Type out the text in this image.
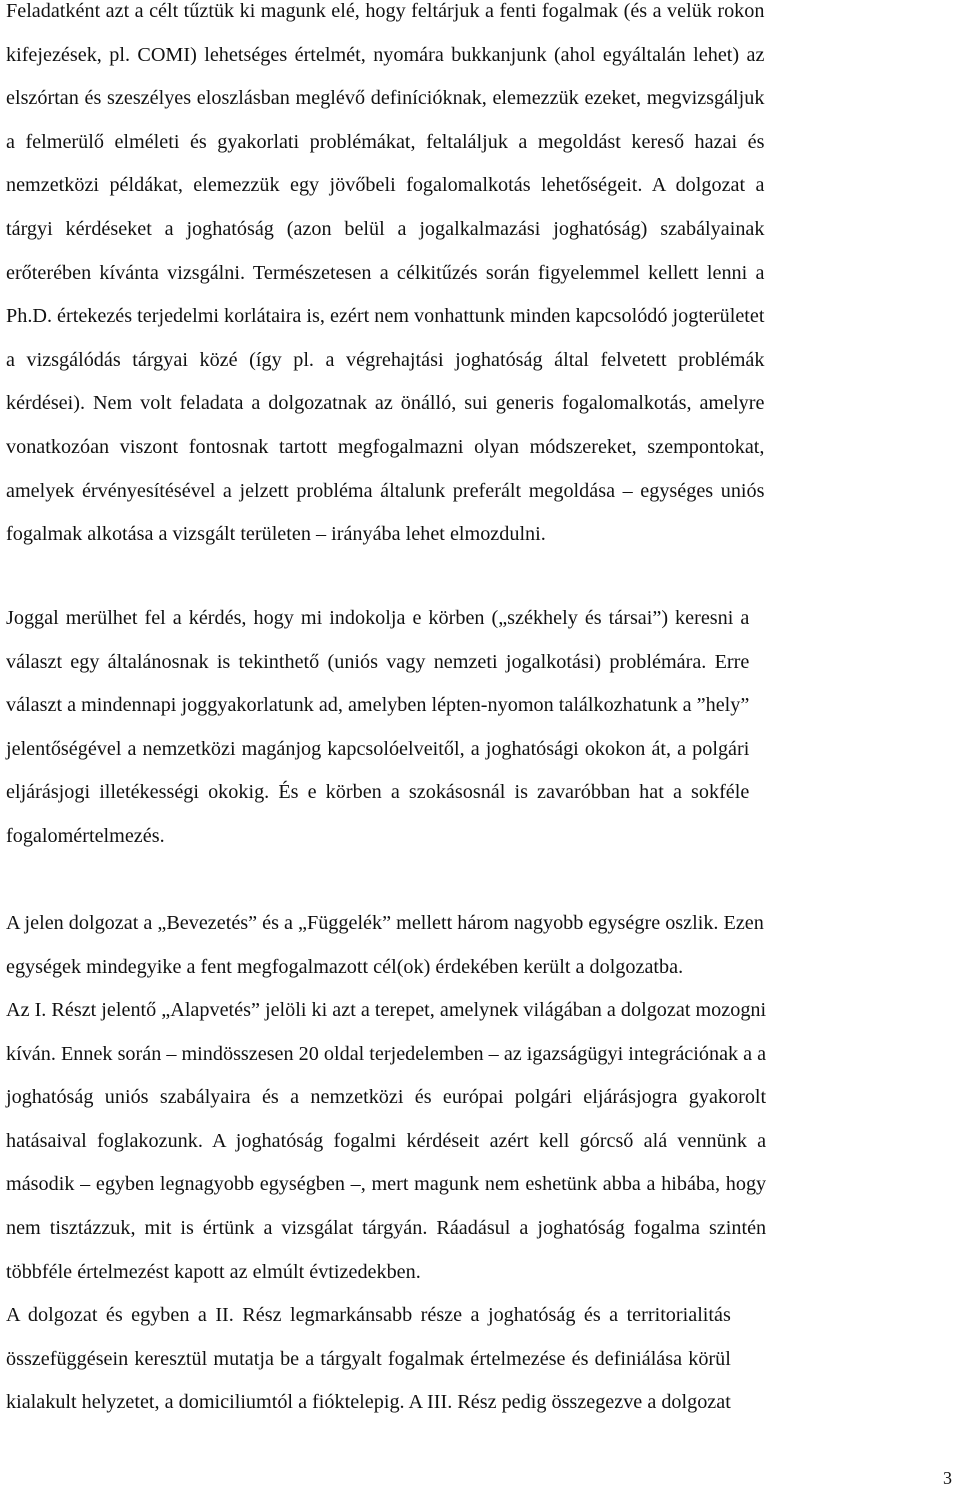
Feladatként azt a célt tűztük ki magunk elé, hogy feltárjuk a fenti fogalmak (és a velük rokon
kifejezések, pl. COMI) lehetséges értelmét, nyomára bukkanjunk (ahol egyáltalán lehet) az
elszórtan és szeszélyes eloszlásban meglévő definícióknak, elemezzük ezeket, megvizsgáljuk
a felmerülő elméleti és gyakorlati problémákat, feltaláljuk a megoldást kereső hazai és
nemzetközi példákat, elemezzük egy jövőbeli fogalomalkotás lehetőségeit. A dolgozat a
tárgyi kérdéseket a joghatóság (azon belül a jogalkalmazási joghatóság) szabályainak
erőterében kívánta vizsgálni. Természetesen a célkitűzés során figyelemmel kellett lenni a
Ph.D. értekezés terjedelmi korlátaira is, ezért nem vonhattunk minden kapcsolódó jogterületet
a vizsgálódás tárgyai közé (így pl. a végrehajtási joghatóság által felvetett problémák
kérdései). Nem volt feladata a dolgozatnak az önálló, sui generis fogalomalkotás, amelyre
vonatkozóan viszont fontosnak tartott megfogalmazni olyan módszereket, szempontokat,
amelyek érvényesítésével a jelzett probléma általunk preferált megoldása – egységes uniós
fogalmak alkotása a vizsgált területen – irányába lehet elmozdulni.
Joggal merülhet fel a kérdés, hogy mi indokolja e körben („székhely és társai”) keresni a
választ egy általánosnak is tekinthető (uniós vagy nemzeti jogalkotási) problémára. Erre
választ a mindennapi joggyakorlatunk ad, amelyben lépten-nyomon találkozhatunk a ”hely”
jelentőségével a nemzetközi magánjog kapcsolóelveitől, a joghatósági okokon át, a polgári
eljárásjogi illetékességi okokig. És e körben a szokásosnál is zavaróbban hat a sokféle
fogalomértelmezés.
A jelen dolgozat a „Bevezetés” és a „Függelék” mellett három nagyobb egységre oszlik. Ezen
egységek mindegyike a fent megfogalmazott cél(ok) érdekében került a dolgozatba.
Az I. Részt jelentő „Alapvetés” jelöli ki azt a terepet, amelynek világában a dolgozat mozogni
kíván. Ennek során – mindösszesen 20 oldal terjedelemben – az igazságügyi integrációnak a a
joghatóság uniós szabályaira és a nemzetközi és európai polgári eljárásjogra gyakorolt
hatásaival foglakozunk. A joghatóság fogalmi kérdéseit azért kell górcső alá vennünk a
második – egyben legnagyobb egységben –, mert magunk nem eshetünk abba a hibába, hogy
nem tisztázzuk, mit is értünk a vizsgálat tárgyán. Ráadásul a joghatóság fogalma szintén
többféle értelmezést kapott az elmúlt évtizedekben.
A dolgozat és egyben a II. Rész legmarkánsabb része a joghatóság és a territorialitás
összefüggésein keresztül mutatja be a tárgyalt fogalmak értelmezése és definiálása körül
kialakult helyzetet, a domiciliumtól a fióktelepig. A III. Rész pedig összegezve a dolgozat
3
